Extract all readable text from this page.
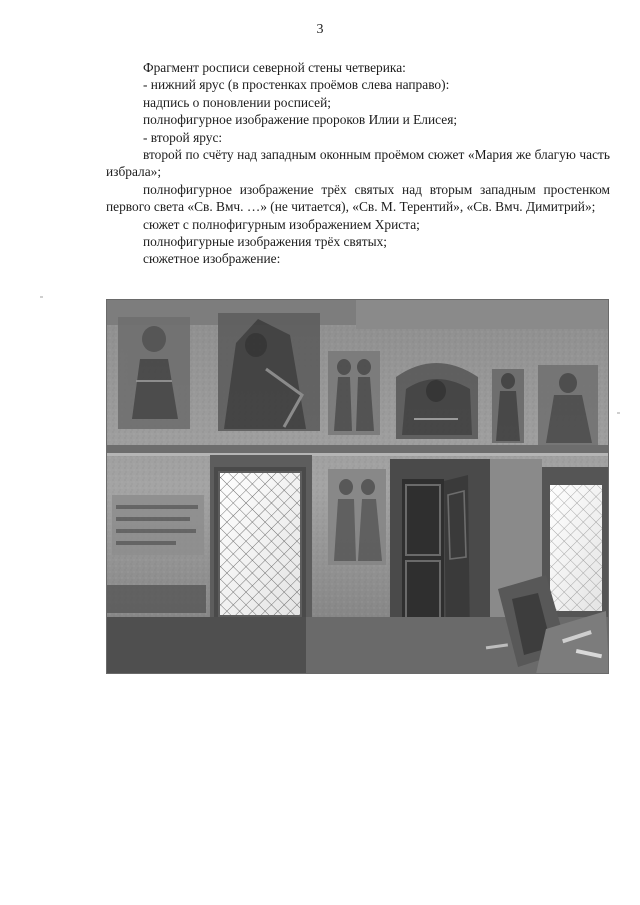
3

Фрагмент росписи северной стены четверика:

- нижний ярус (в простенках проёмов слева направо):

надпись о поновлении росписей;

полнофигурное изображение пророков Илии и Елисея;

- второй ярус:

второй по счёту над западным оконным проёмом сюжет «Мария же благую часть избрала»;

полнофигурное изображение трёх святых над вторым западным простенком первого света «Св. Вмч. …» (не читается), «Св. М. Терентий», «Св. Вмч. Димитрий»;

сюжет с полнофигурным изображением Христа;

полнофигурные изображения трёх святых;

сюжетное изображение:
